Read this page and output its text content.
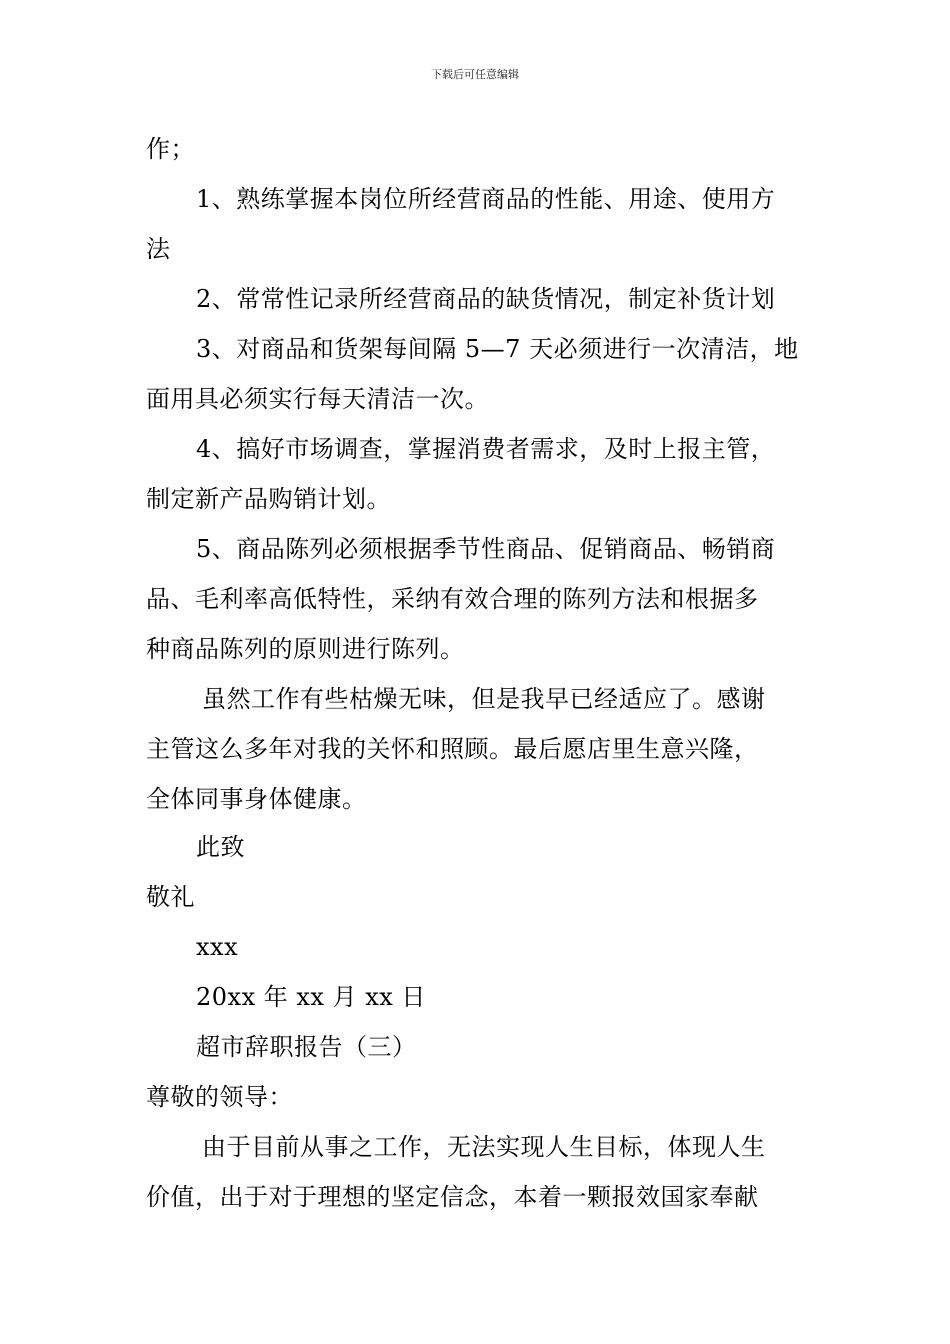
下载后可任意编辑
作；
1、熟练掌握本岗位所经营商品的性能、用途、使用方
法
2、常常性记录所经营商品的缺货情况，制定补货计划
3、对商品和货架每间隔 5—7 天必须进行一次清洁，地
面用具必须实行每天清洁一次。
4、搞好市场调查，掌握消费者需求，及时上报主管，
制定新产品购销计划。
5、商品陈列必须根据季节性商品、促销商品、畅销商
品、毛利率高低特性，采纳有效合理的陈列方法和根据多
种商品陈列的原则进行陈列。
虽然工作有些枯燥无味，但是我早已经适应了。感谢
主管这么多年对我的关怀和照顾。最后愿店里生意兴隆，
全体同事身体健康。
此致
敬礼
xxx
20xx 年 xx 月 xx 日
超市辞职报告（三）
尊敬的领导：
由于目前从事之工作，无法实现人生目标，体现人生
价值，出于对于理想的坚定信念，本着一颗报效国家奉献
